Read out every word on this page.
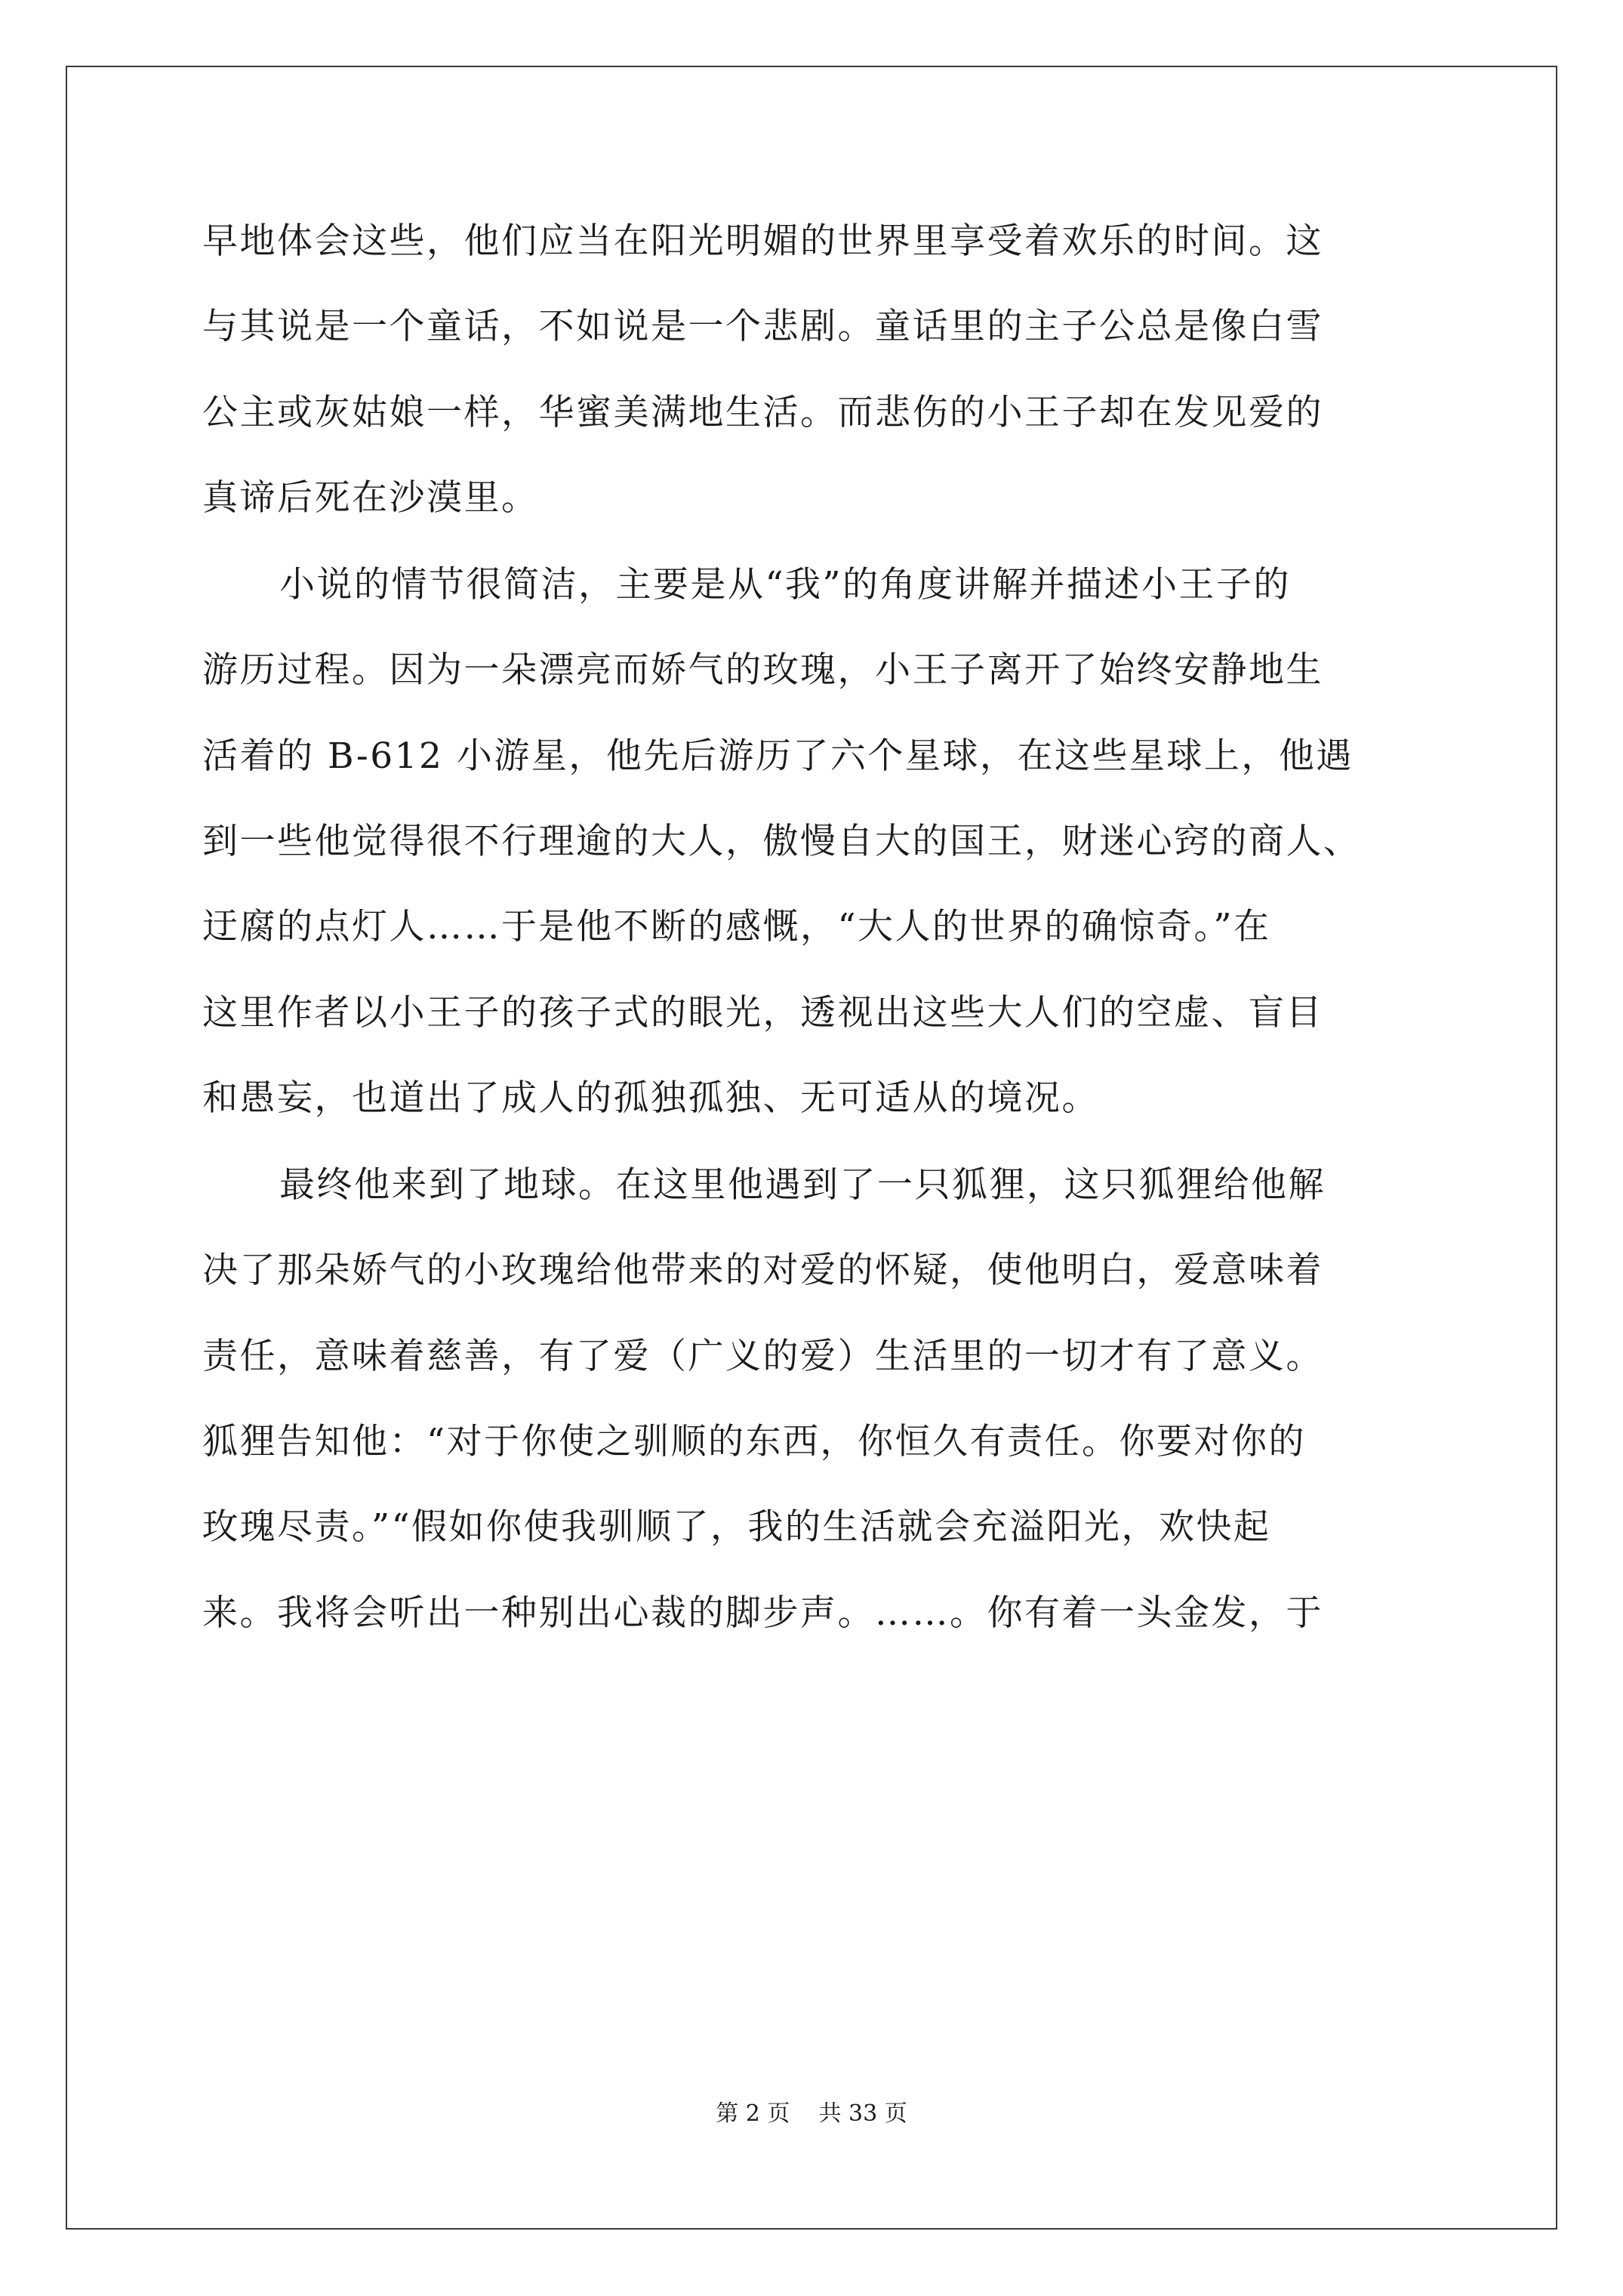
早地体会这些，他们应当在阳光明媚的世界里享受着欢乐的时间。这
与其说是一个童话，不如说是一个悲剧。童话里的主子公总是像白雪
公主或灰姑娘一样，华蜜美满地生活。而悲伤的小王子却在发见爱的
真谛后死在沙漠里。
小说的情节很简洁，主要是从“我”的角度讲解并描述小王子的
游历过程。因为一朵漂亮而娇气的玫瑰，小王子离开了始终安静地生
活着的 B-612 小游星，他先后游历了六个星球，在这些星球上，他遇
到一些他觉得很不行理逾的大人，傲慢自大的国王，财迷心窍的商人、
迂腐的点灯人……于是他不断的感慨，“大人的世界的确惊奇。”在
这里作者以小王子的孩子式的眼光，透视出这些大人们的空虚、盲目
和愚妄，也道出了成人的孤独孤独、无可适从的境况。
最终他来到了地球。在这里他遇到了一只狐狸，这只狐狸给他解
决了那朵娇气的小玫瑰给他带来的对爱的怀疑，使他明白，爱意味着
责任，意味着慈善，有了爱（广义的爱）生活里的一切才有了意义。
狐狸告知他：“对于你使之驯顺的东西，你恒久有责任。你要对你的
玫瑰尽责。”“假如你使我驯顺了，我的生活就会充溢阳光，欢快起
来。我将会听出一种别出心裁的脚步声。……。你有着一头金发，于
第 2 页    共 33 页
